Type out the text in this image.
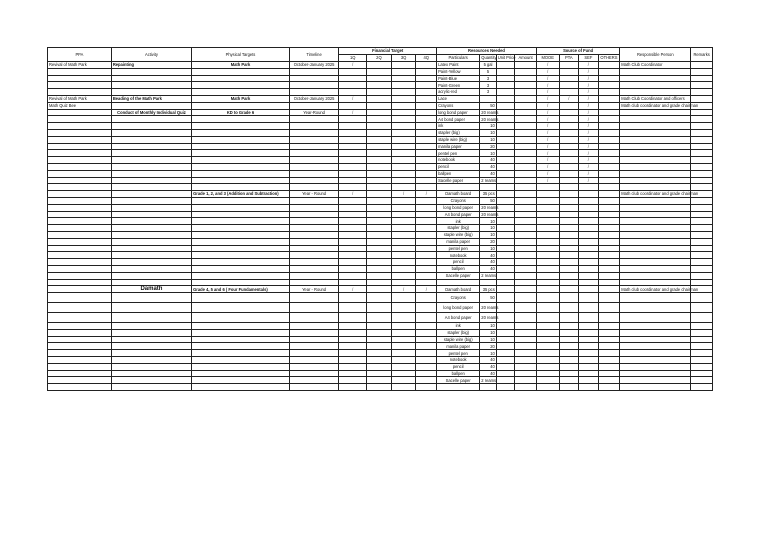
PPA	Activity	Physical Targets	Timeline	Financial Target				Resources Needed				Source of Fund				Responsible Person	Remarks
				1Q	2Q	3Q	4Q	Particulars	Quantity	Unit Price	Amount	MOOE	PTA	SEF	OTHERS		
Revival of Math Park	Repainting	Math Park	October-January 2025	/				Latex Paint	5 gal			/		/		Math Club Coordinator	
								Paint-Yellow	5			/		/			
								Paint-Blue	3			/		/			
								Paint-Green	3			/		/			
								acrylic-red	3			/		/			
Revival of Math Park	Beading of the Math Park	Math Park	October-January 2025	/				Lace				/	/	/		Math Club Coordinator and officers	
Math Quiz Bee								Crayons	50			/		/		Math club coordinator and grade chairman	
	Conduct of Monthly Individual Quiz	KD to Grade 6	Year-Round	/				long bond paper	20 reams			/		/			
								A4 bond paper	20 reams			/		/			
								ink	10			/		/			
								stapler (big)	10			/		/			
								staple wire (big)	10			/		/			
								manila paper	20			/		/			
								pentel pen	10			/		/			
								notebook	40			/		/			
								pencil	40			/		/			
								ballpen	40			/		/			
								Sacelle paper	2 reams			/		/			

		Grade 1, 2, and 3 (Addition and Subtraction)	Year - Round	/		/	/	Damath board	35 pcs							Math club coordinator and grade chairman	
								Crayons	50								
								long bond paper	20 reams								
								A4 bond paper	20 reams								
								ink	10								
								stapler (big)	10								
								staple wire (big)	10								
								manila paper	20								
								pentel pen	10								
								notebook	40								
								pencil	40								
								ballpen	40								
								Sacelle paper	2 reams								

	Damath	Grade 4, 5 and 6 ( Four Fundamentals)	Year - Round	/		/	/	Damath board	35 pcs							Math club coordinator and grade chairman	
								Crayons	50								
								long bond paper	20 reams								
								A4 bond paper	20 reams								
								ink	10								
								stapler (big)	10								
								staple wire (big)	10								
								manila paper	20								
								pentel pen	10								
								notebook	40								
								pencil	40								
								ballpen	40								
								Sacelle paper	2 reams								
